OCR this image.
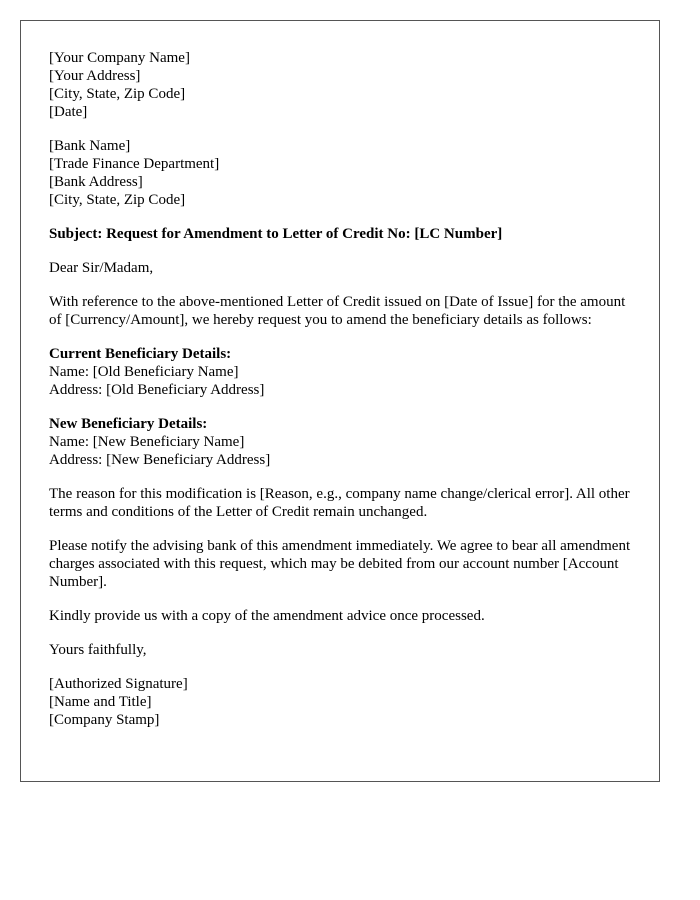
[Your Company Name]

[Your Address]

[City, State, Zip Code]

[Date]

[Bank Name]

[Trade Finance Department]

[Bank Address]

[City, State, Zip Code]

Subject: Request for Amendment to Letter of Credit No: [LC Number]

Dear Sir/Madam,

With reference to the above-mentioned Letter of Credit issued on [Date of Issue] for the amount of [Currency/Amount], we hereby request you to amend the beneficiary details as follows:

Current Beneficiary Details:

Name: [Old Beneficiary Name]

Address: [Old Beneficiary Address]

New Beneficiary Details:

Name: [New Beneficiary Name]

Address: [New Beneficiary Address]

The reason for this modification is [Reason, e.g., company name change/clerical error]. All other terms and conditions of the Letter of Credit remain unchanged.

Please notify the advising bank of this amendment immediately. We agree to bear all amendment charges associated with this request, which may be debited from our account number [Account Number].

Kindly provide us with a copy of the amendment advice once processed.

Yours faithfully,

[Authorized Signature]

[Name and Title]

[Company Stamp]
